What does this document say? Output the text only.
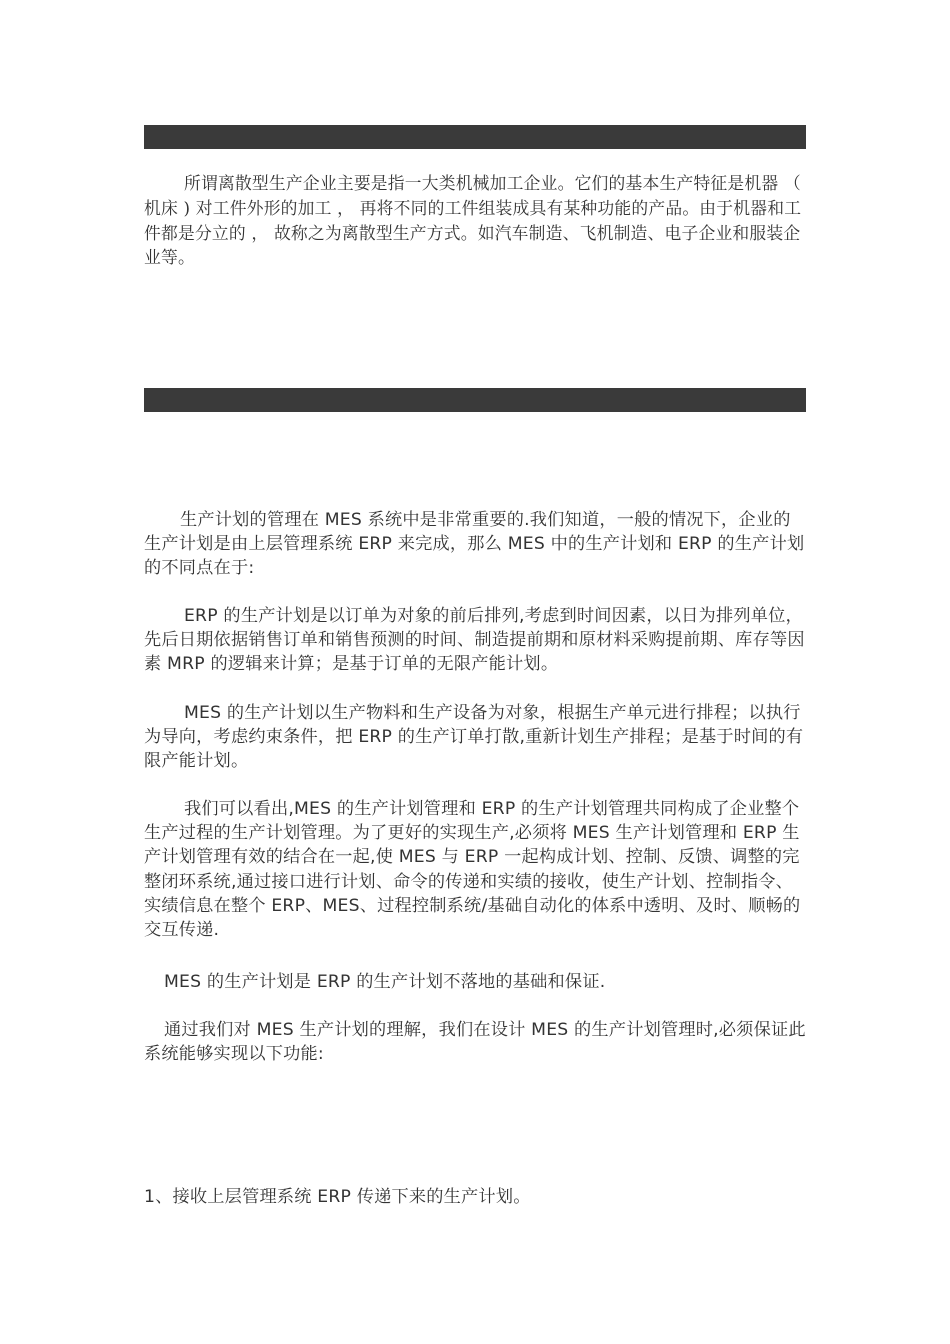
所谓离散型生产企业主要是指一大类机械加工企业。它们的基本生产特征是机器 （ 机床 ) 对工件外形的加工 ， 再将不同的工件组装成具有某种功能的产品。由于机器和工件都是分立的 ， 故称之为离散型生产方式。如汽车制造、飞机制造、电子企业和服装企业等。

生产计划的管理在 MES 系统中是非常重要的.我们知道，一般的情况下，企业的生产计划是由上层管理系统 ERP 来完成，那么 MES 中的生产计划和 ERP 的生产计划的不同点在于:

ERP 的生产计划是以订单为对象的前后排列,考虑到时间因素，以日为排列单位，先后日期依据销售订单和销售预测的时间、制造提前期和原材料采购提前期、库存等因素 MRP 的逻辑来计算；是基于订单的无限产能计划。

MES 的生产计划以生产物料和生产设备为对象，根据生产单元进行排程；以执行为导向，考虑约束条件，把 ERP 的生产订单打散,重新计划生产排程；是基于时间的有限产能计划。

我们可以看出,MES 的生产计划管理和 ERP 的生产计划管理共同构成了企业整个生产过程的生产计划管理。为了更好的实现生产,必须将 MES 生产计划管理和 ERP 生产计划管理有效的结合在一起,使 MES 与 ERP 一起构成计划、控制、反馈、调整的完整闭环系统,通过接口进行计划、命令的传递和实绩的接收，使生产计划、控制指令、实绩信息在整个 ERP、MES、过程控制系统/基础自动化的体系中透明、及时、顺畅的交互传递.

MES 的生产计划是 ERP 的生产计划不落地的基础和保证.

通过我们对 MES 生产计划的理解，我们在设计 MES 的生产计划管理时,必须保证此系统能够实现以下功能:

1、接收上层管理系统 ERP 传递下来的生产计划。
